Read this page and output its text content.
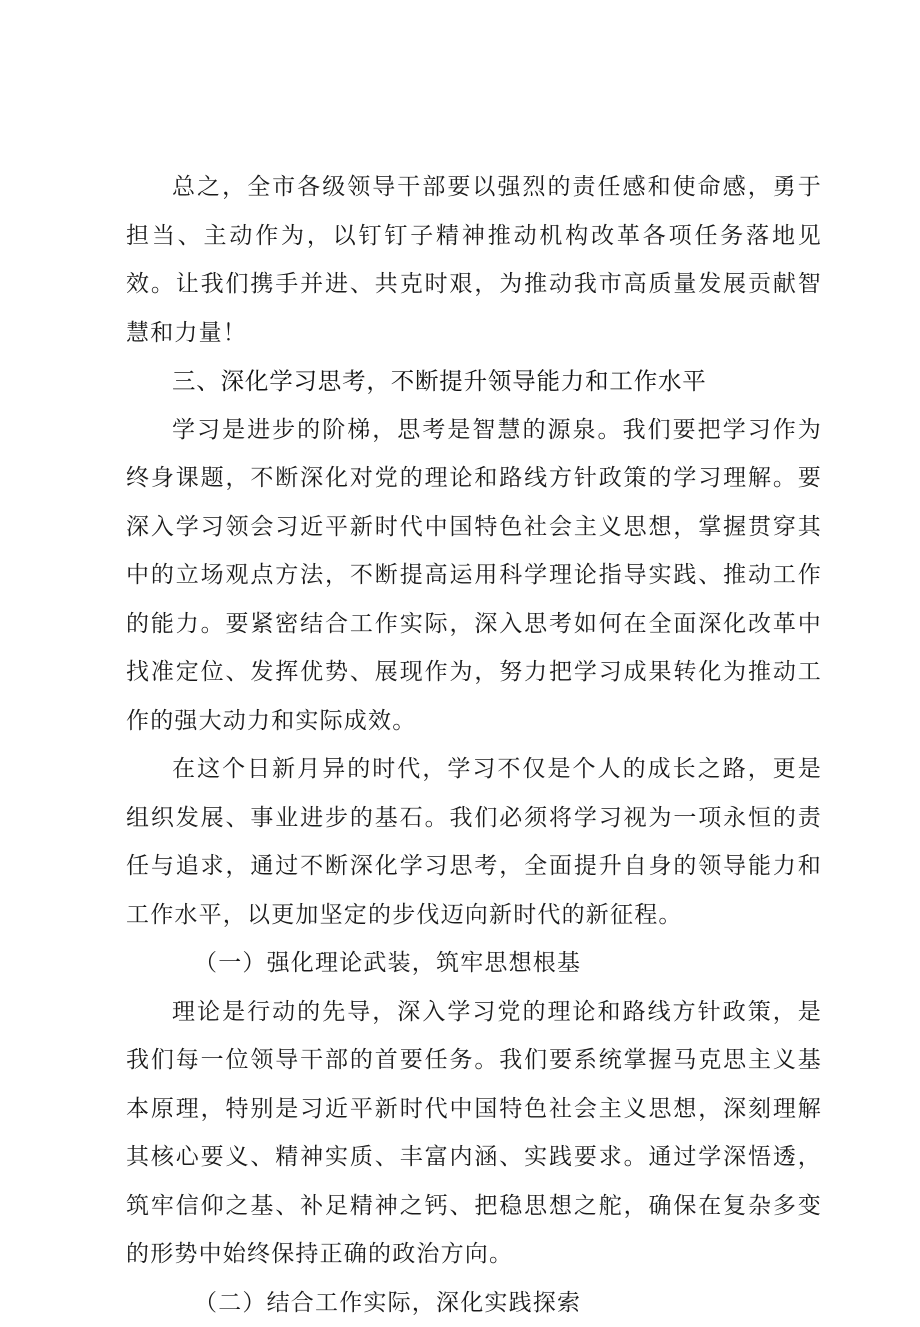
总之，全市各级领导干部要以强烈的责任感和使命感，勇于担当、主动作为，以钉钉子精神推动机构改革各项任务落地见效。让我们携手并进、共克时艰，为推动我市高质量发展贡献智慧和力量！

三、深化学习思考，不断提升领导能力和工作水平

学习是进步的阶梯，思考是智慧的源泉。我们要把学习作为终身课题，不断深化对党的理论和路线方针政策的学习理解。要深入学习领会习近平新时代中国特色社会主义思想，掌握贯穿其中的立场观点方法，不断提高运用科学理论指导实践、推动工作的能力。要紧密结合工作实际，深入思考如何在全面深化改革中找准定位、发挥优势、展现作为，努力把学习成果转化为推动工作的强大动力和实际成效。

在这个日新月异的时代，学习不仅是个人的成长之路，更是组织发展、事业进步的基石。我们必须将学习视为一项永恒的责任与追求，通过不断深化学习思考，全面提升自身的领导能力和工作水平，以更加坚定的步伐迈向新时代的新征程。

（一）强化理论武装，筑牢思想根基

理论是行动的先导，深入学习党的理论和路线方针政策，是我们每一位领导干部的首要任务。我们要系统掌握马克思主义基本原理，特别是习近平新时代中国特色社会主义思想，深刻理解其核心要义、精神实质、丰富内涵、实践要求。通过学深悟透，筑牢信仰之基、补足精神之钙、把稳思想之舵，确保在复杂多变的形势中始终保持正确的政治方向。

（二）结合工作实际，深化实践探索
